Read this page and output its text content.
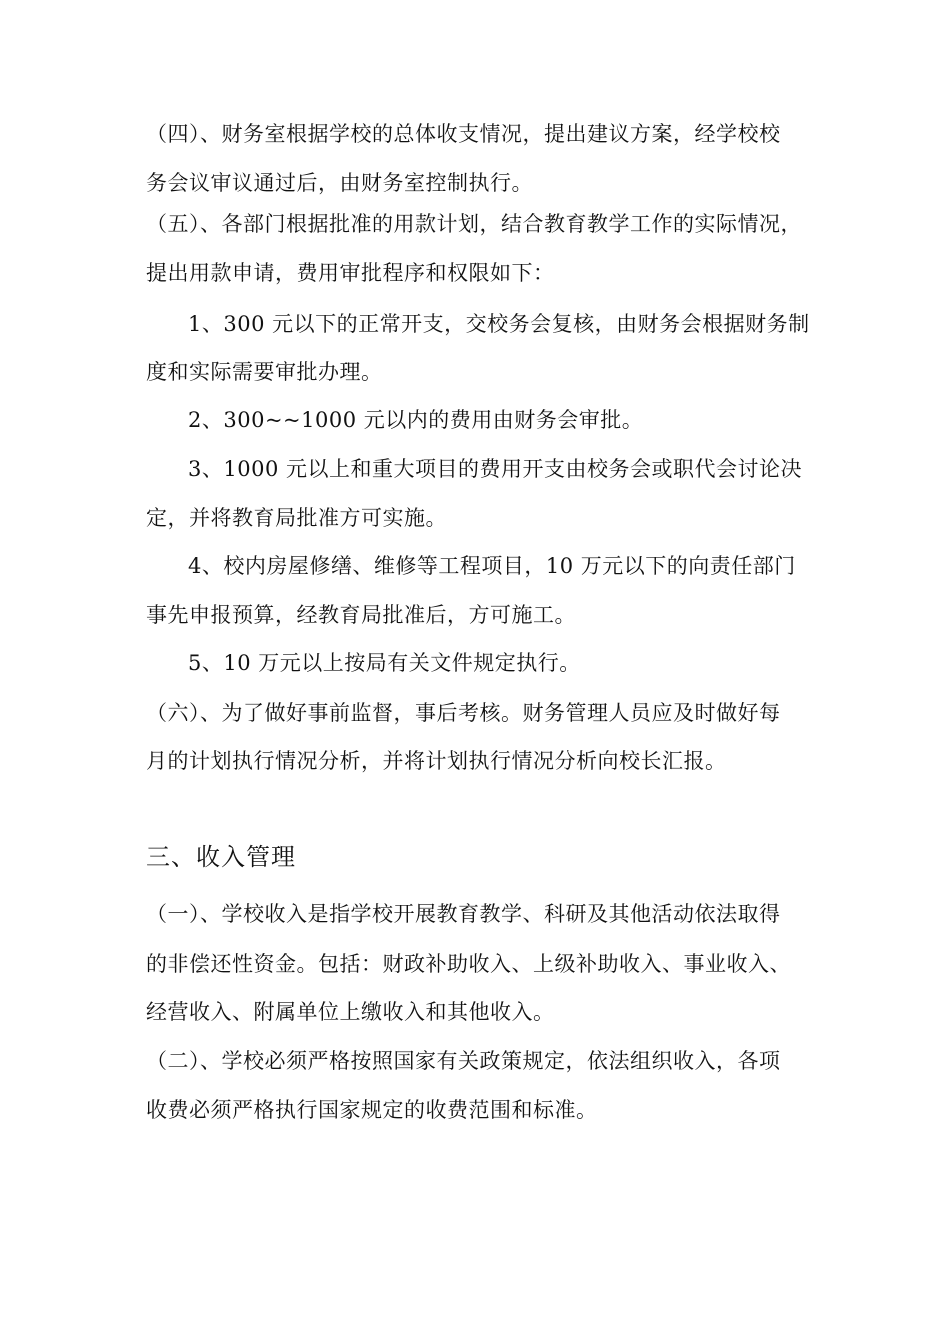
（四）、财务室根据学校的总体收支情况，提出建议方案，经学校校
务会议审议通过后，由财务室控制执行。
（五）、各部门根据批准的用款计划，结合教育教学工作的实际情况，
提出用款申请，费用审批程序和权限如下：
1、300 元以下的正常开支，交校务会复核，由财务会根据财务制
度和实际需要审批办理。
2、300~~1000 元以内的费用由财务会审批。
3、1000 元以上和重大项目的费用开支由校务会或职代会讨论决
定，并将教育局批准方可实施。
4、校内房屋修缮、维修等工程项目，10 万元以下的向责任部门
事先申报预算，经教育局批准后，方可施工。
5、10 万元以上按局有关文件规定执行。
（六）、为了做好事前监督，事后考核。财务管理人员应及时做好每
月的计划执行情况分析，并将计划执行情况分析向校长汇报。
三、收入管理
（一）、学校收入是指学校开展教育教学、科研及其他活动依法取得
的非偿还性资金。包括：财政补助收入、上级补助收入、事业收入、
经营收入、附属单位上缴收入和其他收入。
（二）、学校必须严格按照国家有关政策规定，依法组织收入，各项
收费必须严格执行国家规定的收费范围和标准。
